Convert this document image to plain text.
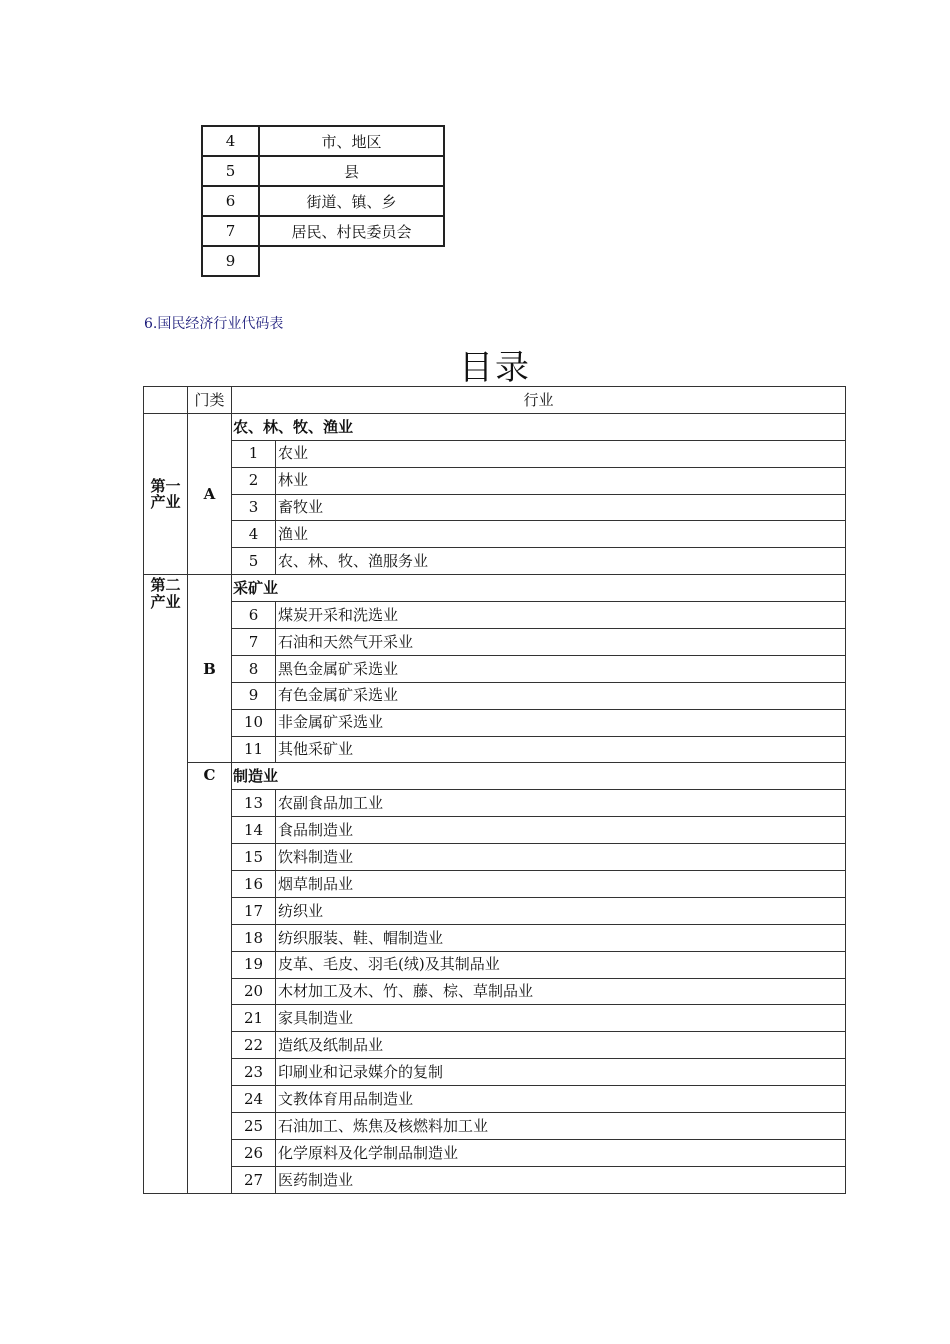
4	市、地区
5	县
6	街道、镇、乡
7	居民、村民委员会
9	
6.国民经济行业代码表
目录
	门类	行业	
第一
产业	A	农、林、牧、渔业	
		1	农业
		2	林业
		3	畜牧业
		4	渔业
		5	农、林、牧、渔服务业
第二
产业	B	采矿业	
		6	煤炭开采和洗选业
		7	石油和天然气开采业
		8	黑色金属矿采选业
		9	有色金属矿采选业
		10	非金属矿采选业
		11	其他采矿业
	C	制造业	
		13	农副食品加工业
		14	食品制造业
		15	饮料制造业
		16	烟草制品业
		17	纺织业
		18	纺织服装、鞋、帽制造业
		19	皮革、毛皮、羽毛(绒)及其制品业
		20	木材加工及木、竹、藤、棕、草制品业
		21	家具制造业
		22	造纸及纸制品业
		23	印刷业和记录媒介的复制
		24	文教体育用品制造业
		25	石油加工、炼焦及核燃料加工业
		26	化学原料及化学制品制造业
		27	医药制造业
